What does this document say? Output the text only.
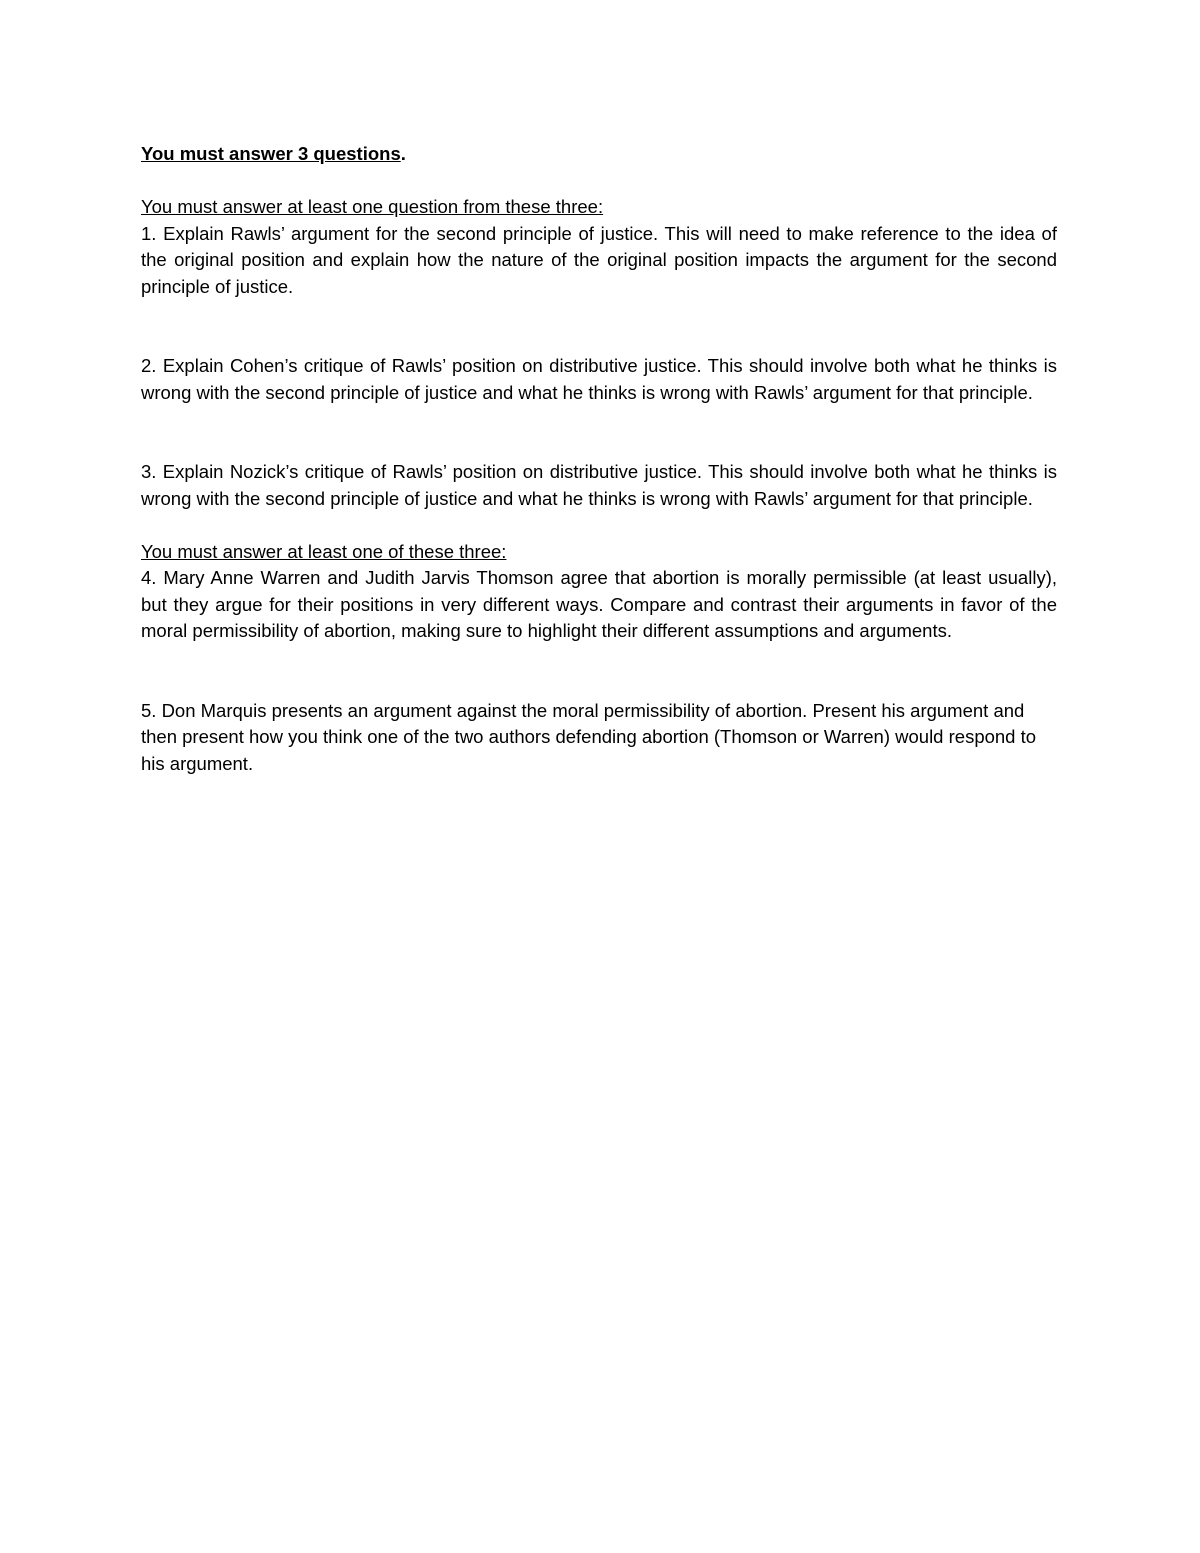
You must answer 3 questions.

You must answer at least one question from these three:

1. Explain Rawls’ argument for the second principle of justice. This will need to make reference to the idea of the original position and explain how the nature of the original position impacts the argument for the second principle of justice.

2. Explain Cohen’s critique of Rawls’ position on distributive justice. This should involve both what he thinks is wrong with the second principle of justice and what he thinks is wrong with Rawls’ argument for that principle.

3. Explain Nozick’s critique of Rawls’ position on distributive justice. This should involve both what he thinks is wrong with the second principle of justice and what he thinks is wrong with Rawls’ argument for that principle.

You must answer at least one of these three:

4. Mary Anne Warren and Judith Jarvis Thomson agree that abortion is morally permissible (at least usually), but they argue for their positions in very different ways. Compare and contrast their arguments in favor of the moral permissibility of abortion, making sure to highlight their different assumptions and arguments.

5. Don Marquis presents an argument against the moral permissibility of abortion. Present his argument and then present how you think one of the two authors defending abortion (Thomson or Warren) would respond to his argument.
